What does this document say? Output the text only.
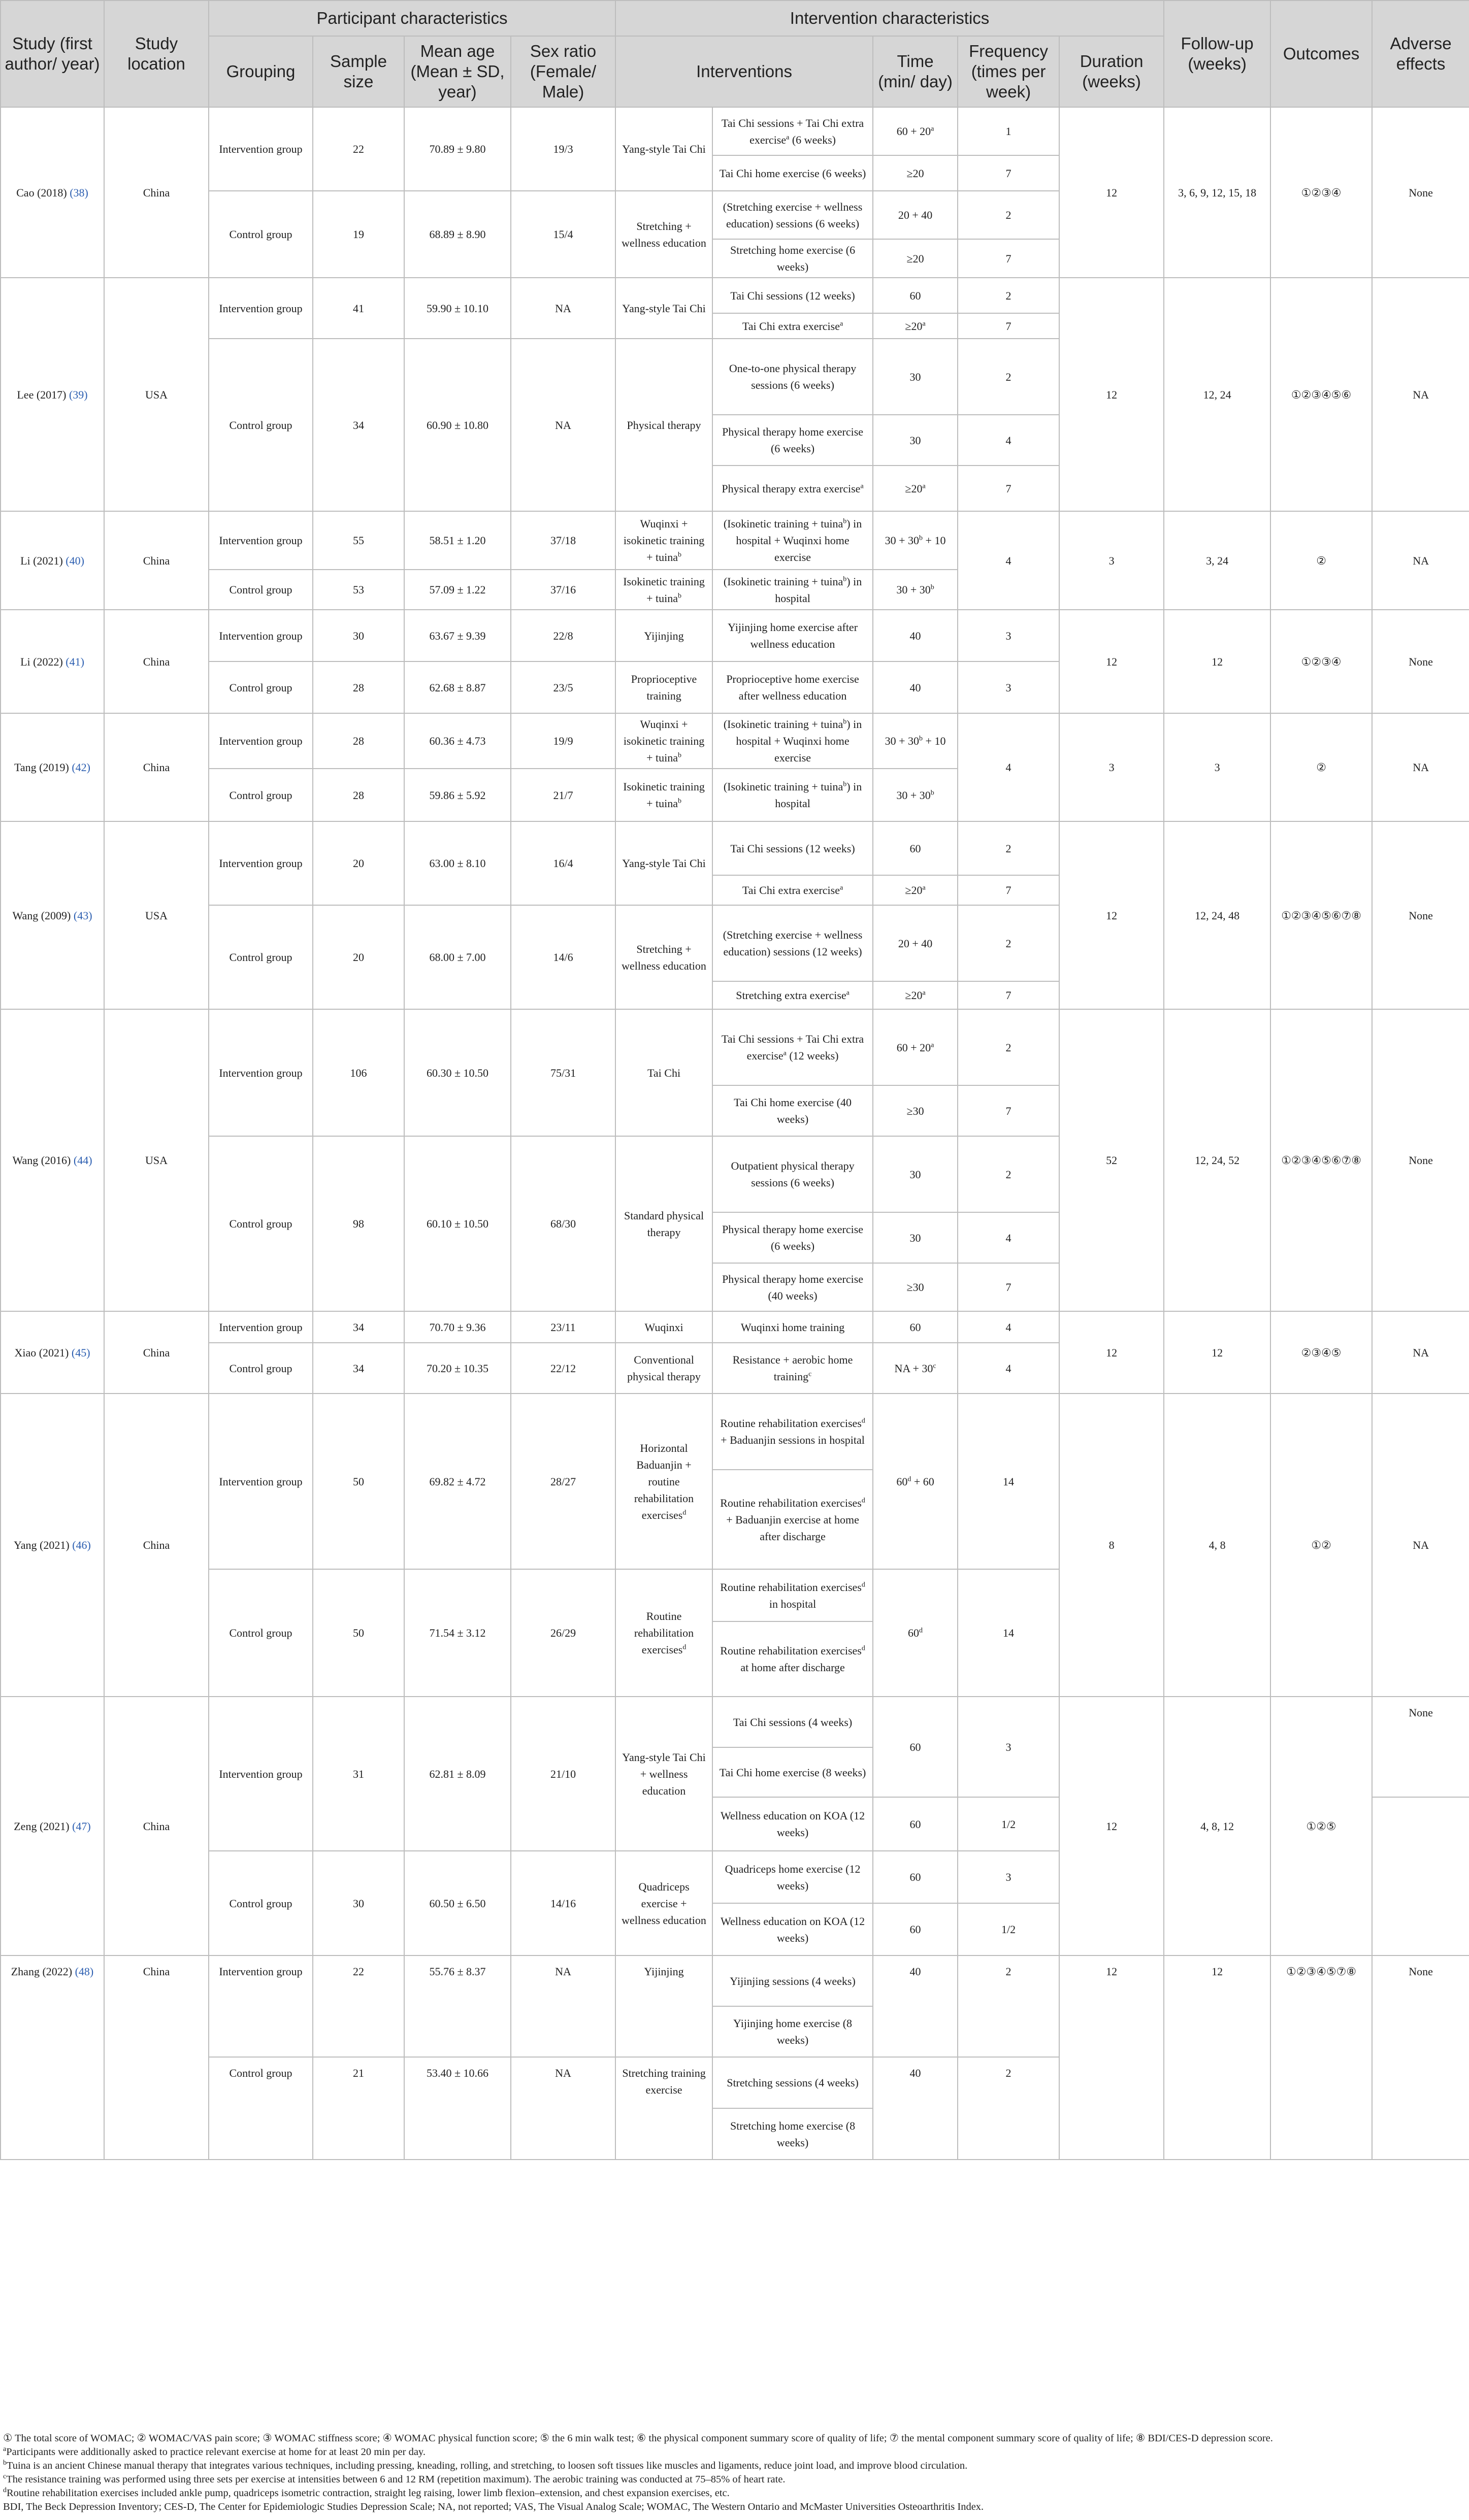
Study (first author/ year)	Study location	Participant characteristics				Intervention characteristics					Follow-up (weeks)	Outcomes	Adverse effects
		Grouping	Sample size	Mean age (Mean ± SD, year)	Sex ratio (Female/ Male)	Interventions		Time (min/ day)	Frequency (times per week)	Duration (weeks)			
Cao (2018) (38)	China	Intervention group	22	70.89 ± 9.80	19/3	Yang-style Tai Chi	Tai Chi sessions + Tai Chi extra exercise$^a$ (6 weeks)	$60 + 20^a$	1	12	3, 6, 9, 12, 15, 18	①②③④	None
							Tai Chi home exercise (6 weeks)	≥20	7				
		Control group	19	68.89 ± 8.90	15/4	Stretching + wellness education	(Stretching exercise + wellness education) sessions (6 weeks)	20 + 40	2				
							Stretching home exercise (6 weeks)	≥20	7				
Lee (2017) (39)	USA	Intervention group	41	59.90 ± 10.10	NA	Yang-style Tai Chi	Tai Chi sessions (12 weeks)	60	2	12	12, 24	①②③④⑤⑥	NA
							Tai Chi extra exercise$^a$	$\ge 20^a$	7				
		Control group	34	60.90 ± 10.80	NA	Physical therapy	One-to-one physical therapy sessions (6 weeks)	30	2				
							Physical therapy home exercise (6 weeks)	30	4				
							Physical therapy extra exercise$^a$	$\ge 20^a$	7				
Li (2021) (40)	China	Intervention group	55	58.51 ± 1.20	37/18	Wuqinxi + isokinetic training + tuina$^b$	(Isokinetic training + tuina$^b$) in hospital + Wuqinxi home exercise	$30 + 30^b + 10$	4	3	3, 24	②	NA
		Control group	53	57.09 ± 1.22	37/16	Isokinetic training + tuina$^b$	(Isokinetic training + tuina$^b$) in hospital	$30 + 30^b$
Li (2022) (41)	China	Intervention group	30	63.67 ± 9.39	22/8	Yijinjing	Yijinjing home exercise after wellness education	40	3	12	12	①②③④	None
		Control group	28	62.68 ± 8.87	23/5	Proprioceptive training	Proprioceptive home exercise after wellness education	40	3				
Tang (2019) (42)	China	Intervention group	28	60.36 ± 4.73	19/9	Wuqinxi + isokinetic training + tuina$^b$	(Isokinetic training + tuina$^b$) in hospital + Wuqinxi home exercise	$30 + 30^b + 10$	4	3	3	②	NA
		Control group	28	59.86 ± 5.92	21/7	Isokinetic training + tuina$^b$	(Isokinetic training + tuina$^b$) in hospital	$30 + 30^b$
Wang (2009) (43)	USA	Intervention group	20	63.00 ± 8.10	16/4	Yang-style Tai Chi	Tai Chi sessions (12 weeks)	60	2	12	12, 24, 48	①②③④⑤⑥⑦⑧	None
							Tai Chi extra exercise$^a$	$\ge 20^a$	7				
		Control group	20	68.00 ± 7.00	14/6	Stretching + wellness education	(Stretching exercise + wellness education) sessions (12 weeks)	20 + 40	2				
							Stretching extra exercise$^a$	$\ge 20^a$	7				
Wang (2016) (44)	USA	Intervention group	106	60.30 ± 10.50	75/31	Tai Chi	Tai Chi sessions + Tai Chi extra exercise$^a$ (12 weeks)	$60 + 20^a$	2	52	12, 24, 52	①②③④⑤⑥⑦⑧	None
							Tai Chi home exercise (40 weeks)	≥30	7				
		Control group	98	60.10 ± 10.50	68/30	Standard physical therapy	Outpatient physical therapy sessions (6 weeks)	30	2				
							Physical therapy home exercise (6 weeks)	30	4				
							Physical therapy home exercise (40 weeks)	≥30	7				
Xiao (2021) (45)	China	Intervention group	34	70.70 ± 9.36	23/11	Wuqinxi	Wuqinxi home training	60	4	12	12	②③④⑤	NA
		Control group	34	70.20 ± 10.35	22/12	Conventional physical therapy	Resistance + aerobic home training$^c$	NA + $30^c$	4				
Yang (2021) (46)	China	Intervention group	50	69.82 ± 4.72	28/27	Horizontal Baduanjin + routine rehabilitation exercises$^d$	Routine rehabilitation exercises$^d$ + Baduanjin sessions in hospital	$60^d + 60$	14	8	4, 8	①②	NA
							Routine rehabilitation exercises$^d$ + Baduanjin exercise at home after discharge						
		Control group	50	71.54 ± 3.12	26/29	Routine rehabilitation exercises$^d$	Routine rehabilitation exercises$^d$ in hospital	60$^d$	14				
							Routine rehabilitation exercises$^d$ at home after discharge						
Zeng (2021) (47)	China	Intervention group	31	62.81 ± 8.09	21/10	Yang-style Tai Chi + wellness education	Tai Chi sessions (4 weeks)	60	3	12	4, 8, 12	①②⑤	None
							Tai Chi home exercise (8 weeks)						
							Wellness education on KOA (12 weeks)	60	1/2				
		Control group	30	60.50 ± 6.50	14/16	Quadriceps exercise + wellness education	Quadriceps home exercise (12 weeks)	60	3				
							Wellness education on KOA (12 weeks)	60	1/2				
Zhang (2022) (48)	China	Intervention group	22	55.76 ± 8.37	NA	Yijinjing	Yijinjing sessions (4 weeks)	40	2	12	12	①②③④⑤⑦⑧	None
							Yijinjing home exercise (8 weeks)						
		Control group	21	53.40 ± 10.66	NA	Stretching training exercise	Stretching sessions (4 weeks)	40	2				
							Stretching home exercise (8 weeks)						

① The total score of WOMAC; ② WOMAC/VAS pain score; ③ WOMAC stiffness score; ④ WOMAC physical function score; ⑤ the 6 min walk test; ⑥ the physical component summary score of quality of life; ⑦ the mental component summary score of quality of life; ⑧ BDI/CES-D depression score.

$^a$Participants were additionally asked to practice relevant exercise at home for at least 20 min per day.

$^b$Tuina is an ancient Chinese manual therapy that integrates various techniques, including pressing, kneading, rolling, and stretching, to loosen soft tissues like muscles and ligaments, reduce joint load, and improve blood circulation.

$^c$The resistance training was performed using three sets per exercise at intensities between 6 and 12 RM (repetition maximum). The aerobic training was conducted at 75–85% of heart rate.

$^d$Routine rehabilitation exercises included ankle pump, quadriceps isometric contraction, straight leg raising, lower limb flexion–extension, and chest expansion exercises, etc.

BDI, The Beck Depression Inventory; CES-D, The Center for Epidemiologic Studies Depression Scale; NA, not reported; VAS, The Visual Analog Scale; WOMAC, The Western Ontario and McMaster Universities Osteoarthritis Index.
